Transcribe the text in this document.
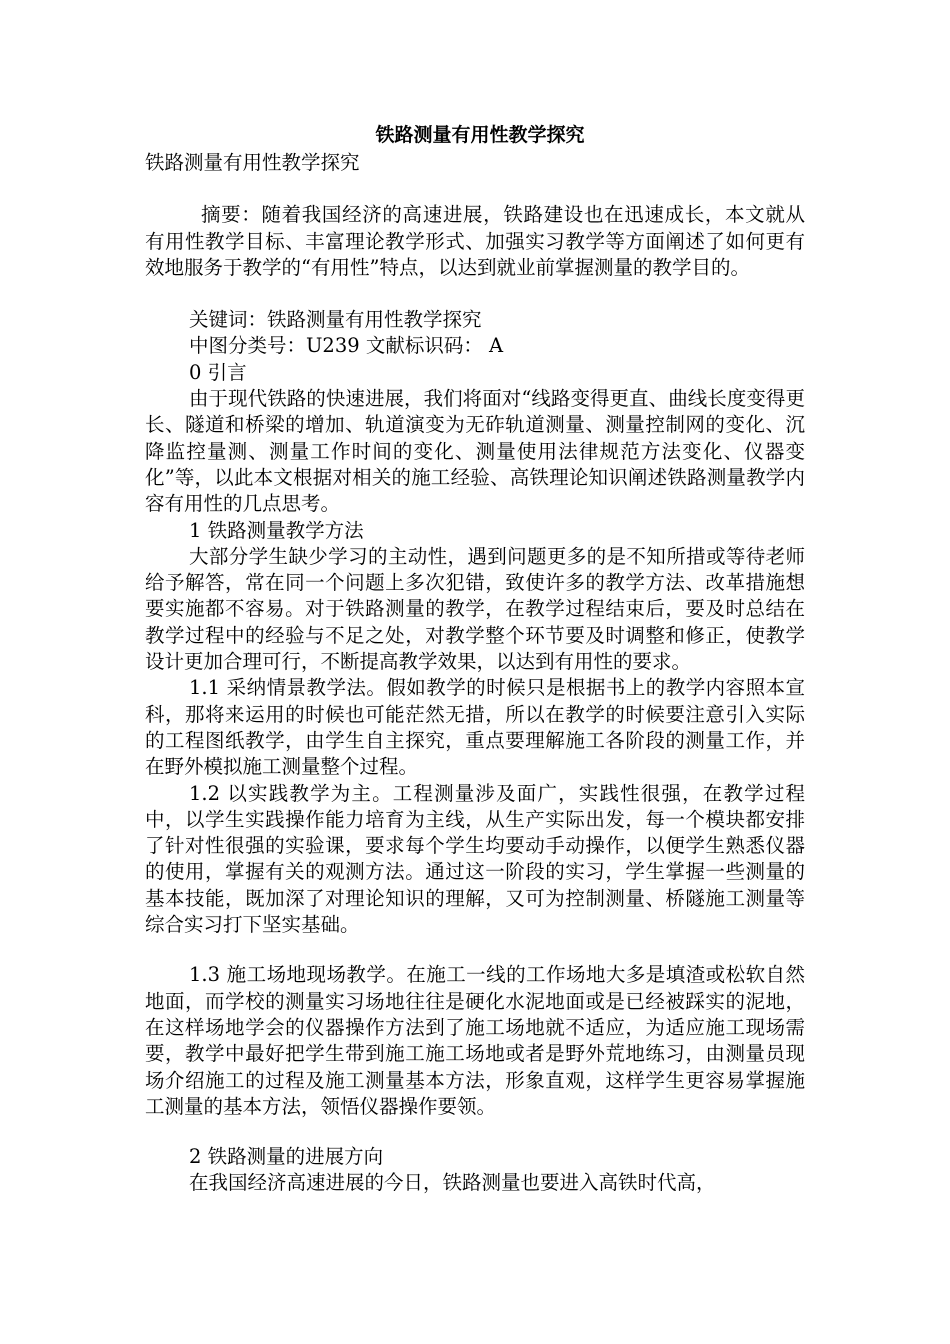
铁路测量有用性教学探究

铁路测量有用性教学探究

摘要：随着我国经济的高速进展，铁路建设也在迅速成长，本文就从有用性教学目标、丰富理论教学形式、加强实习教学等方面阐述了如何更有效地服务于教学的“有用性”特点，以达到就业前掌握测量的教学目的。

关键词：铁路测量有用性教学探究

中图分类号：U239 文献标识码： A

0 引言

由于现代铁路的快速进展，我们将面对“线路变得更直、曲线长度变得更长、隧道和桥梁的增加、轨道演变为无砟轨道测量、测量控制网的变化、沉降监控量测、测量工作时间的变化、测量使用法律规范方法变化、仪器变化”等，以此本文根据对相关的施工经验、高铁理论知识阐述铁路测量教学内容有用性的几点思考。

1 铁路测量教学方法

大部分学生缺少学习的主动性，遇到问题更多的是不知所措或等待老师给予解答，常在同一个问题上多次犯错，致使许多的教学方法、改革措施想要实施都不容易。对于铁路测量的教学，在教学过程结束后，要及时总结在教学过程中的经验与不足之处，对教学整个环节要及时调整和修正，使教学设计更加合理可行，不断提高教学效果，以达到有用性的要求。

1.1 采纳情景教学法。假如教学的时候只是根据书上的教学内容照本宣科，那将来运用的时候也可能茫然无措，所以在教学的时候要注意引入实际的工程图纸教学，由学生自主探究，重点要理解施工各阶段的测量工作，并在野外模拟施工测量整个过程。

1.2 以实践教学为主。工程测量涉及面广，实践性很强，在教学过程中，以学生实践操作能力培育为主线，从生产实际出发，每一个模块都安排了针对性很强的实验课，要求每个学生均要动手动操作，以便学生熟悉仪器的使用，掌握有关的观测方法。通过这一阶段的实习，学生掌握一些测量的基本技能，既加深了对理论知识的理解，又可为控制测量、桥隧施工测量等综合实习打下坚实基础。

1.3 施工场地现场教学。在施工一线的工作场地大多是填渣或松软自然地面，而学校的测量实习场地往往是硬化水泥地面或是已经被踩实的泥地，在这样场地学会的仪器操作方法到了施工场地就不适应，为适应施工现场需要，教学中最好把学生带到施工施工场地或者是野外荒地练习，由测量员现场介绍施工的过程及施工测量基本方法，形象直观，这样学生更容易掌握施工测量的基本方法，领悟仪器操作要领。

2 铁路测量的进展方向

在我国经济高速进展的今日，铁路测量也要进入高铁时代高，
